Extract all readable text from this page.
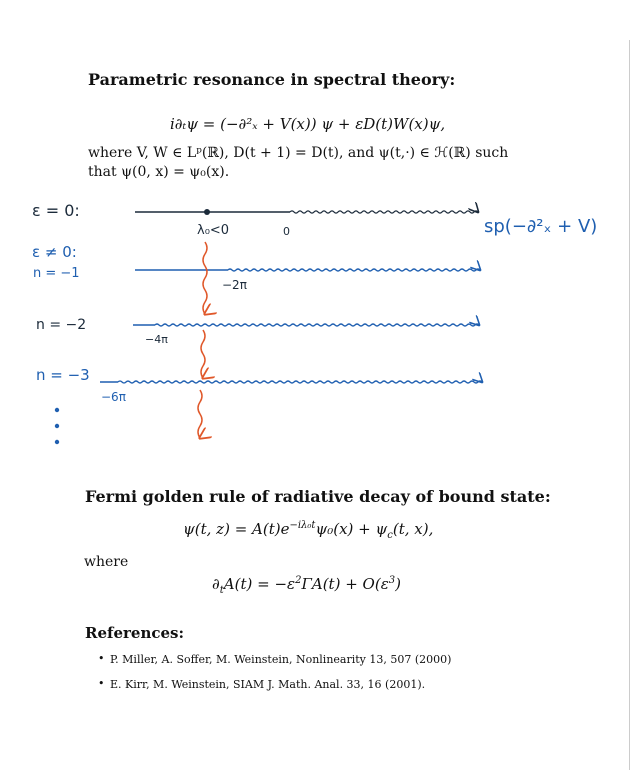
Parametric resonance in spectral theory:
i∂ₜψ = (−∂²ₓ + V(x)) ψ + εD(t)W(x)ψ,
where V, W ∈ Lᵖ(ℝ), D(t + 1) = D(t), and ψ(t,·) ∈ ℋ(ℝ) such
that ψ(0, x) = ψ₀(x).
ε = 0:
λ₀<0	0	sp(−∂²ₓ + V)
ε ≠ 0:
n = −1
−2π
n = −2
−4π
n = −3
−6π
Fermi golden rule of radiative decay of bound state:
ψ(t, $z) = A(t)e^{-i\lambda_0t}\psi_0(x) + \psi_c(t$, x),
where
$\partial_tA(t) = -\varepsilon^2\Gamma A(t) + O(\varepsilon^3)$
References:
• P. Miller, A. Soffer, M. Weinstein, Nonlinearity 13, 507 (2000)
• E. Kirr, M. Weinstein, SIAM J. Math. Anal. 33, 16 (2001).
